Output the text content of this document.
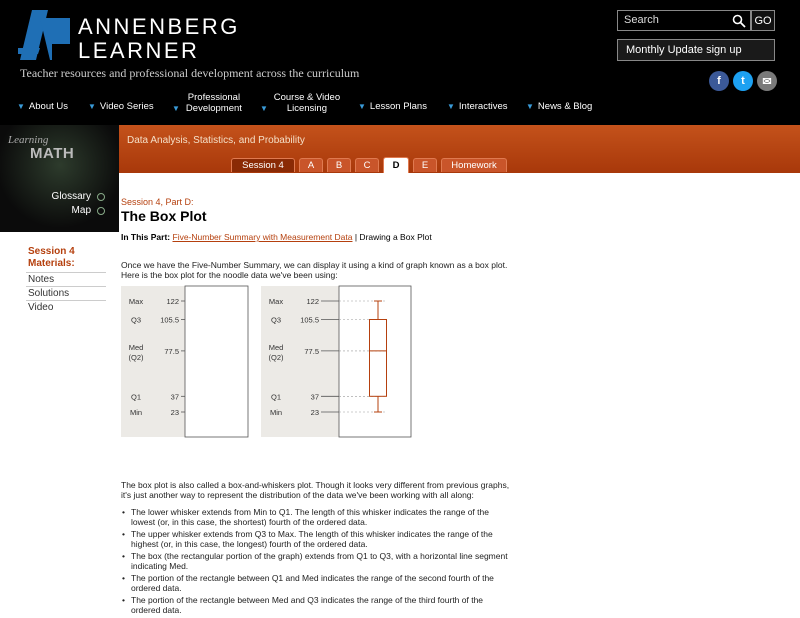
ANNENBERG
LEARNER
Teacher resources and professional development across the curriculum
Search	GO
Monthly Update sign up
f t ✉
▼ About Us	▼ Video Series ▼
Professional Development ▼
Course & Video Licensing	▼ Lesson Plans	▼ Interactives ▼ News & Blog
Learning
MATH
Glossary
Map
Session 4
Materials:
Notes
Solutions
Video
Data Analysis, Statistics, and Probability
Session 4	A	B	C	D	E	Homework
Session 4, Part D:
The Box Plot
In This Part: Five-Number Summary with Measurement Data | Drawing a Box Plot

Once we have the Five-Number Summary, we can display it using a kind of graph known as a box plot. Here is the box plot for the noodle data we've been using:

The box plot is also called a box-and-whiskers plot. Though it looks very different from previous graphs, it's just another way to represent the distribution of the data we've been working with all along:

• The lower whisker extends from Min to Q1. The length of this whisker indicates the range of the lowest (or, in this case, the shortest) fourth of the ordered data.
• The upper whisker extends from Q3 to Max. The length of this whisker indicates the range of the highest (or, in this case, the longest) fourth of the ordered data.
• The box (the rectangular portion of the graph) extends from Q1 to Q3, with a horizontal line segment indicating Med.
• The portion of the rectangle between Q1 and Med indicates the range of the second fourth of the ordered data.
• The portion of the rectangle between Med and Q3 indicates the range of the third fourth of the ordered data.
Max	122
Q3	105.5
Med
(Q2)
77.5
Q1	37
Min	23
Max	122
Q3	105.5
Med
(Q2)
77.5
Q1	37
Min	23
